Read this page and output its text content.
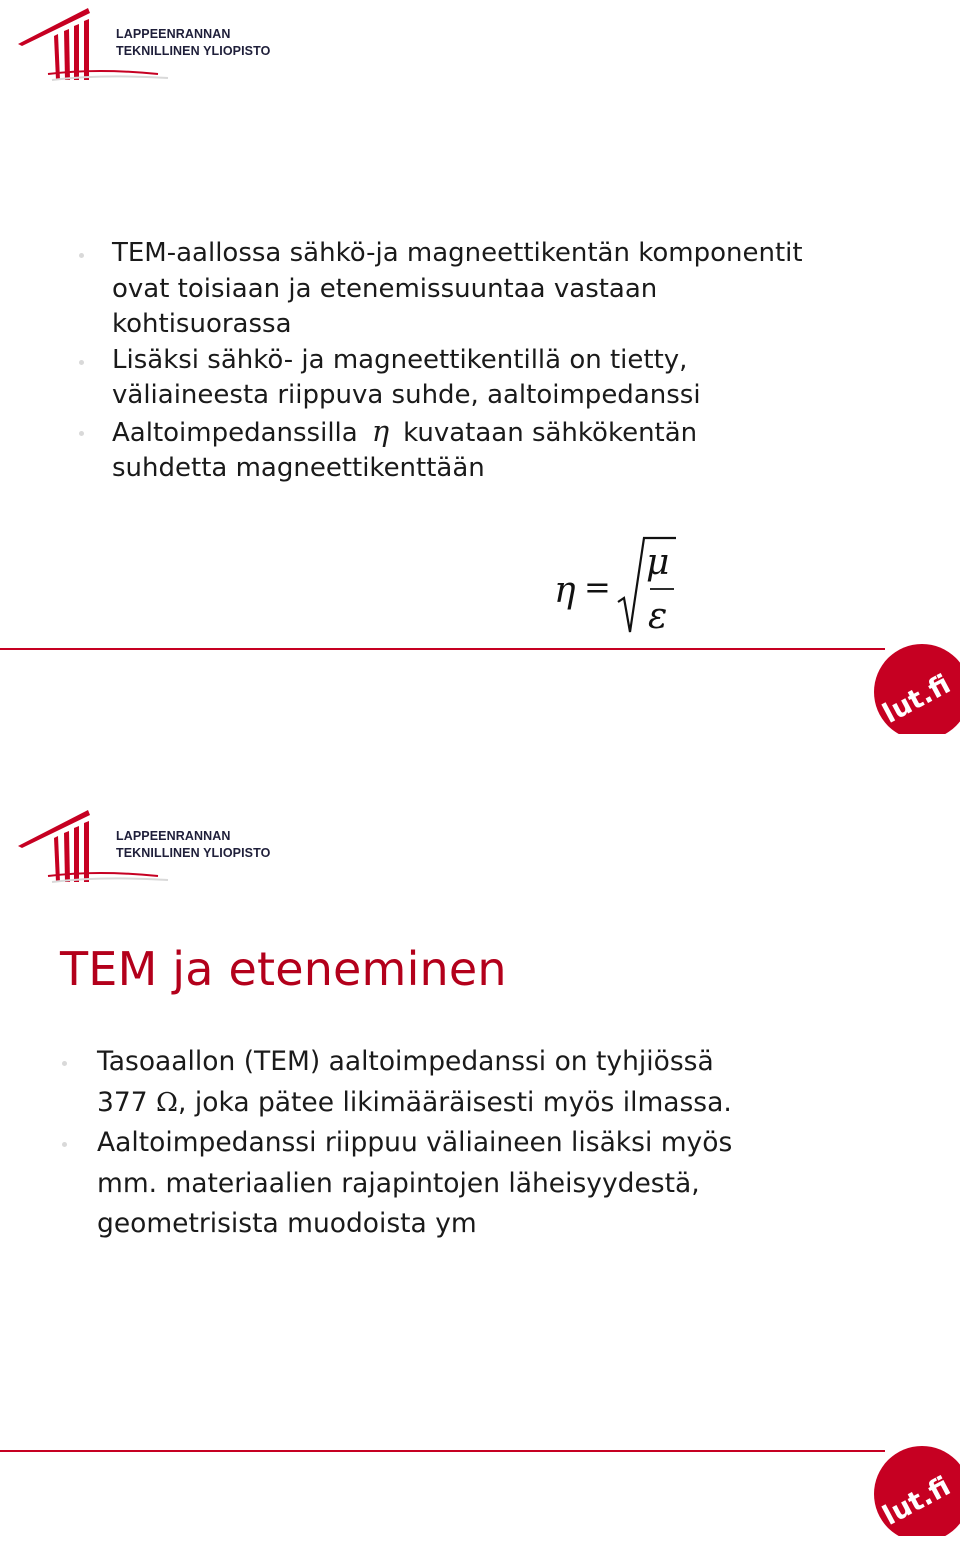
LAPPEENRANNAN
TEKNILLINEN YLIOPISTO
TEM-aallossa sähkö-ja magneettikentän komponentit
ovat toisiaan ja etenemissuuntaa vastaan
kohtisuorassa
Lisäksi sähkö- ja magneettikentillä on tietty,
väliaineesta riippuva suhde, aaltoimpedanssi
Aaltoimpedanssilla η kuvataan sähkökentän
suhdetta magneettikenttään
η =
μ
ε
lut.fi
LAPPEENRANNAN
TEKNILLINEN YLIOPISTO
TEM ja eteneminen
Tasoaallon (TEM) aaltoimpedanssi on tyhjiössä
377 Ω, joka pätee likimääräisesti myös ilmassa.
Aaltoimpedanssi riippuu väliaineen lisäksi myös
mm. materiaalien rajapintojen läheisyydestä,
geometrisista muodoista ym
lut.fi
